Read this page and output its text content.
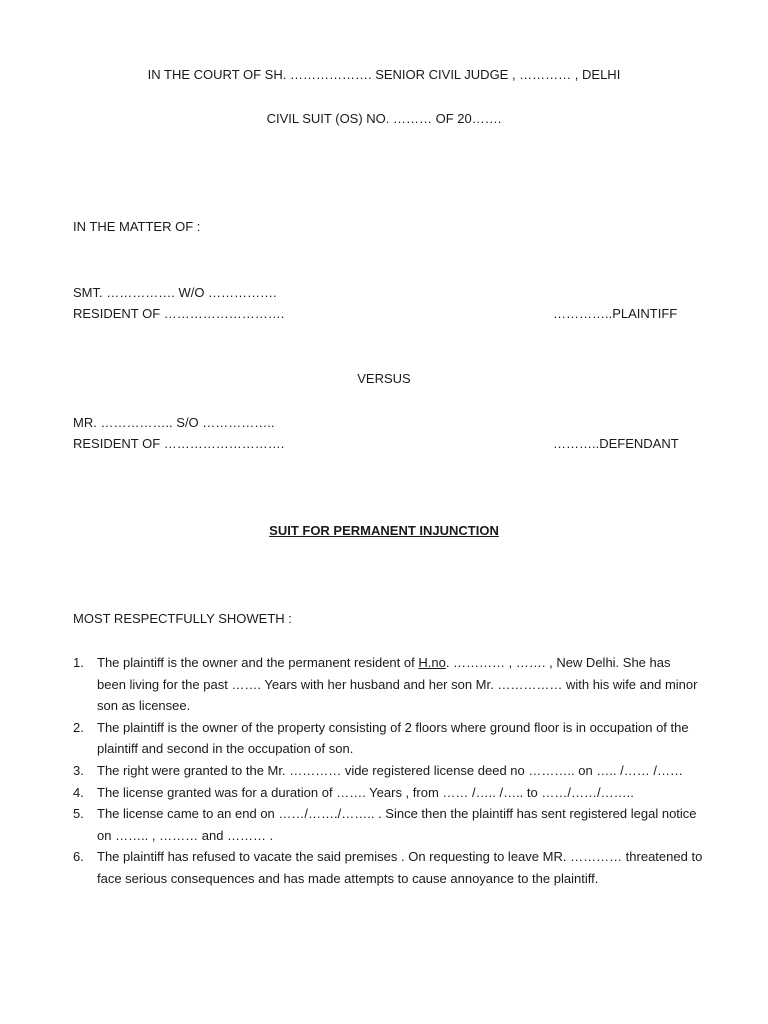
IN THE COURT OF SH. ………………. SENIOR CIVIL JUDGE , ………… , DELHI
CIVIL SUIT (OS) NO. ……… OF 20…….
IN THE MATTER OF :
SMT. ……………. W/O …………….
RESIDENT OF ……………………….	…………..PLAINTIFF
VERSUS
MR. …………….. S/O ……………..
RESIDENT OF ……………………….	………..DEFENDANT
SUIT FOR PERMANENT INJUNCTION
MOST RESPECTFULLY SHOWETH :
1.	The plaintiff is the owner and the permanent resident of H.no. ………… , ……. , New Delhi. She has been living for the past ……. Years with her husband and her son Mr. …………… with his wife and minor son as licensee.
2.	The plaintiff is the owner of the property consisting of 2 floors where ground floor is in occupation of the plaintiff and second in the occupation of son.
3.	The right were granted to the Mr. ………… vide registered license deed no ……….. on ….. /…… /……
4.	The license granted was for a duration of ……. Years , from …… /….. /….. to ……/……/……..
5.	The license came to an end on ……/……./…….. . Since then the plaintiff has sent registered legal notice on …….. , ……… and ……… .
6.	The plaintiff has refused to vacate the said premises . On requesting to leave MR. ………… threatened to face serious consequences and has made attempts to cause annoyance to the plaintiff.
